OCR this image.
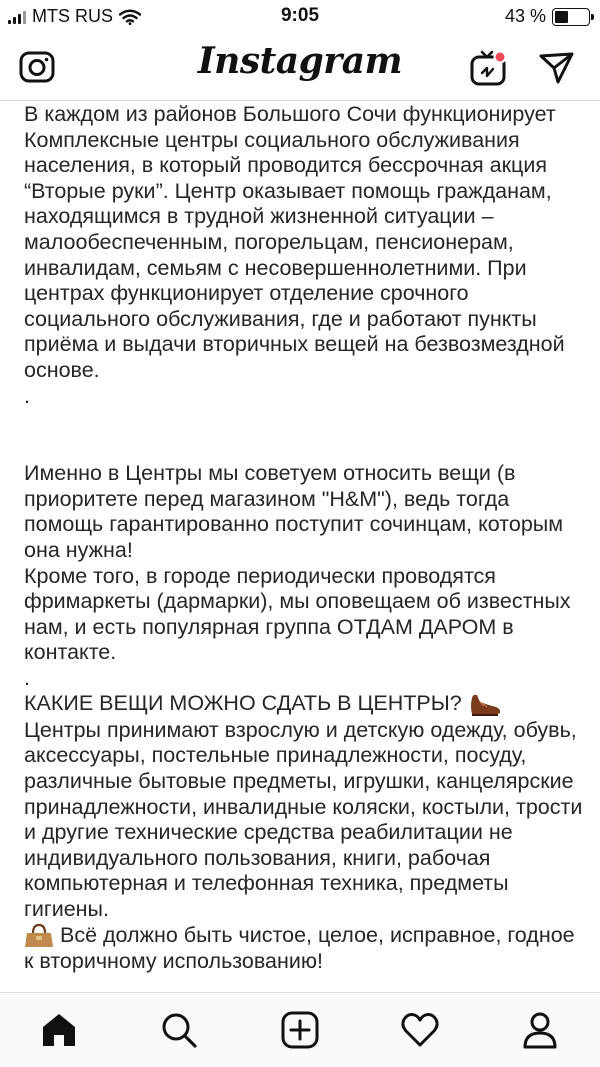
MTS RUS	9:05	43 %
Instagram

В каждом из районов Большого Сочи функционирует Комплексные центры социального обслуживания населения, в который проводится бессрочная акция “Вторые руки”. Центр оказывает помощь гражданам, находящимся в трудной жизненной ситуации – малообеспеченным, погорельцам, пенсионерам, инвалидам, семьям с несовершеннолетними. При центрах функционирует отделение срочного социального обслуживания, где и работают пункты приёма и выдачи вторичных вещей на безвозмездной основе.

.

Именно в Центры мы советуем относить вещи (в приоритете перед магазином "H&M"), ведь тогда помощь гарантированно поступит сочинцам, которым она нужна!

Кроме того, в городе периодически проводятся фримаркеты (дармарки), мы оповещаем об известных нам, и есть популярная группа ОТДАМ ДАРОМ в контакте.

.

КАКИЕ ВЕЩИ МОЖНО СДАТЬ В ЦЕНТРЫ?

Центры принимают взрослую и детскую одежду, обувь, аксессуары, постельные принадлежности, посуду, различные бытовые предметы, игрушки, канцелярские принадлежности, инвалидные коляски, костыли, трости и другие технические средства реабилитации не индивидуального пользования, книги, рабочая компьютерная и телефонная техника, предметы гигиены.

Всё должно быть чистое, целое, исправное, годное к вторичному использованию!
